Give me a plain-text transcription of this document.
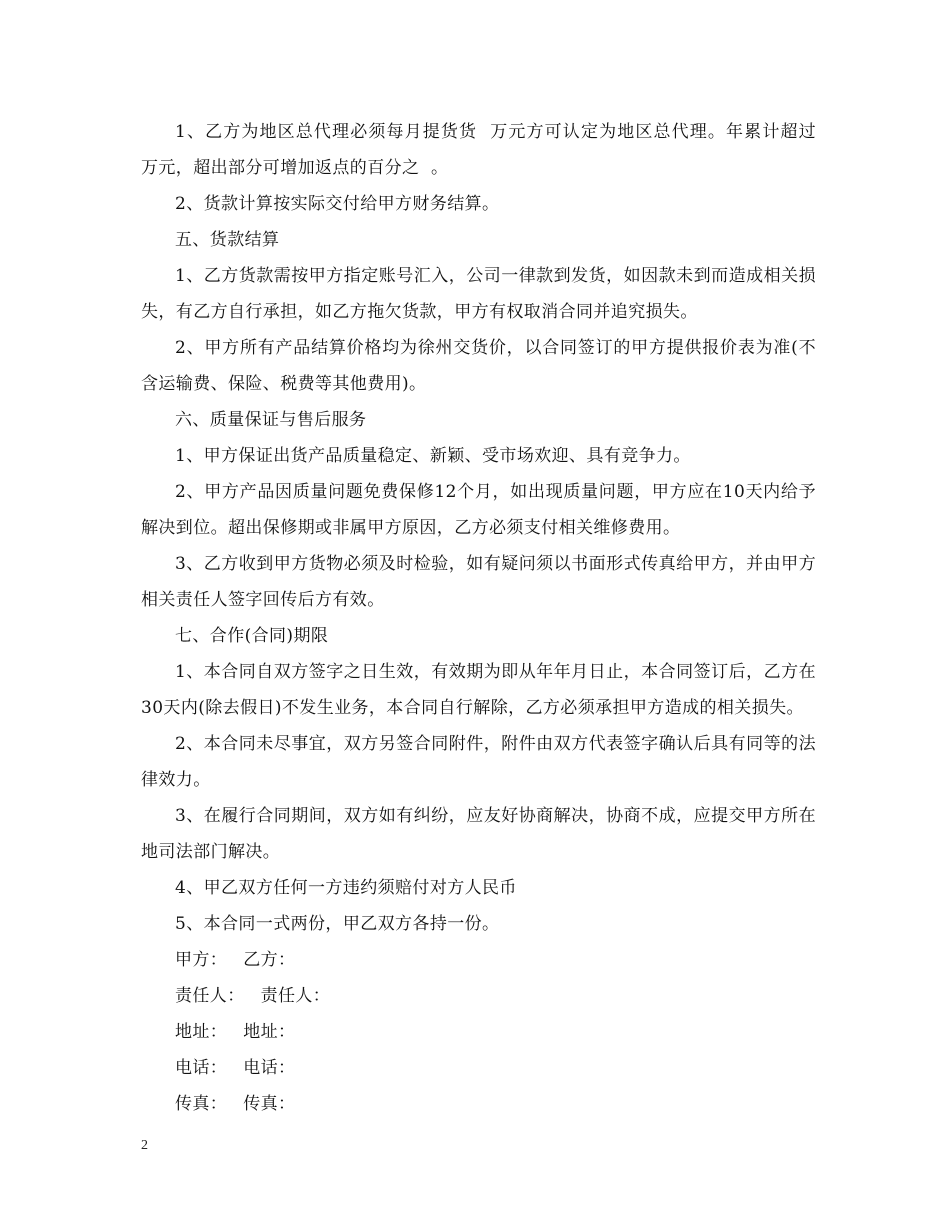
1、乙方为地区总代理必须每月提货货  万元方可认定为地区总代理。年累计超过  万元，超出部分可增加返点的百分之  。

2、货款计算按实际交付给甲方财务结算。

五、货款结算

1、乙方货款需按甲方指定账号汇入，公司一律款到发货，如因款未到而造成相关损失，有乙方自行承担，如乙方拖欠货款，甲方有权取消合同并追究损失。

2、甲方所有产品结算价格均为徐州交货价，以合同签订的甲方提供报价表为准(不含运输费、保险、税费等其他费用)。

六、质量保证与售后服务

1、甲方保证出货产品质量稳定、新颖、受市场欢迎、具有竞争力。

2、甲方产品因质量问题免费保修12个月，如出现质量问题，甲方应在10天内给予解决到位。超出保修期或非属甲方原因，乙方必须支付相关维修费用。

3、乙方收到甲方货物必须及时检验，如有疑问须以书面形式传真给甲方，并由甲方相关责任人签字回传后方有效。

七、合作(合同)期限

1、本合同自双方签字之日生效，有效期为即从年年月日止，本合同签订后，乙方在30天内(除去假日)不发生业务，本合同自行解除，乙方必须承担甲方造成的相关损失。

2、本合同未尽事宜，双方另签合同附件，附件由双方代表签字确认后具有同等的法律效力。

3、在履行合同期间，双方如有纠纷，应友好协商解决，协商不成，应提交甲方所在地司法部门解决。

4、甲乙双方任何一方违约须赔付对方人民币

5、本合同一式两份，甲乙双方各持一份。

甲方： 乙方：
责任人： 责任人：
地址： 地址：
电话： 电话：
传真： 传真：
2
